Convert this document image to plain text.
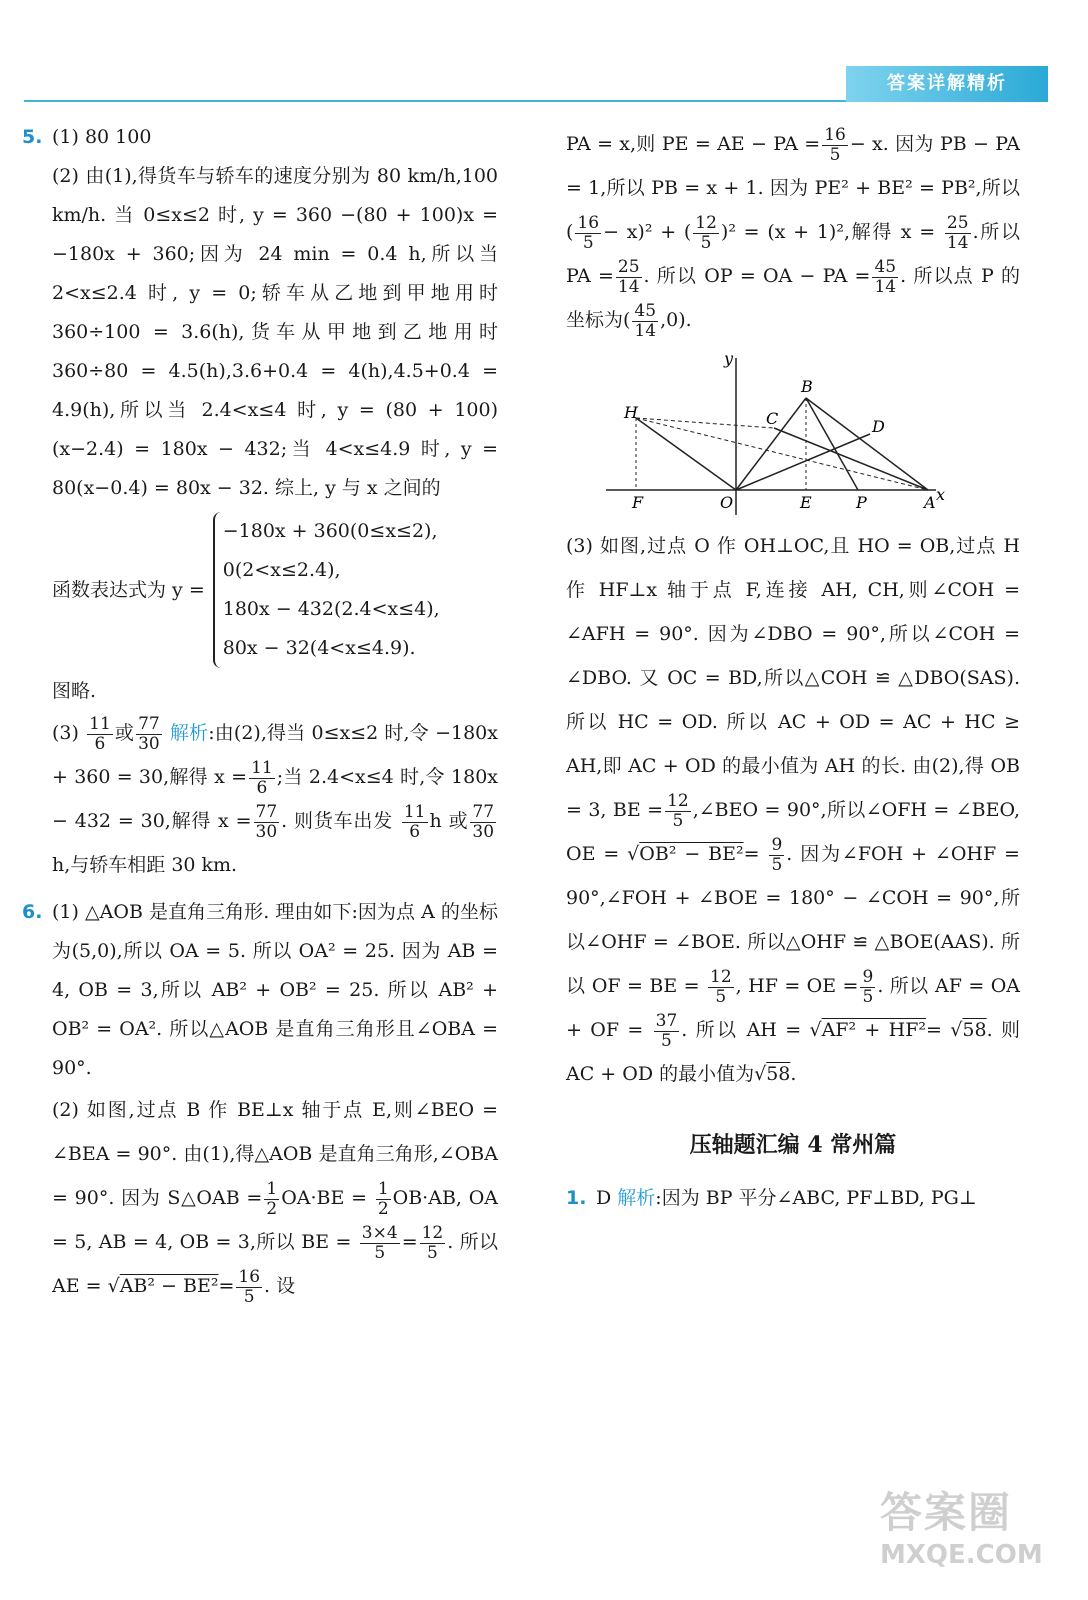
答案详解精析

5. (1) 80 100

(2) 由(1),得货车与轿车的速度分别为 80 km/h,100 km/h. 当 0≤x≤2 时, y = 360 −(80 + 100)x = −180x + 360;因为 24 min = 0.4 h,所以当 2<x≤2.4 时, y = 0;轿车从乙地到甲地用时 360÷100 = 3.6(h),货车从甲地到乙地用时 360÷80 = 4.5(h),3.6+0.4 = 4(h),4.5+0.4 = 4.9(h),所以当 2.4<x≤4 时, y = (80 + 100)(x−2.4) = 180x − 432;当 4<x≤4.9 时, y = 80(x−0.4) = 80x − 32. 综上, y 与 x 之间的

函数表达式为 y =
−180x + 360(0≤x≤2),
0(2<x≤2.4),
180x − 432(2.4<x≤4),
80x − 32(4<x≤4.9).

图略.

$(3) \frac{11}{6}$ 或 $\frac{77}{30}$ 解析:由(2),得当 0≤x≤2 时,令 −180x + 360 = 30,解得 $x = \frac{11}{6}$ ;当 2.4<x≤4 时,令 180x − 432 = 30,解得 $x = \frac{77}{30}$ . 则货车出发 $\frac{11}{6}$ h 或 $\frac{77}{30}$
h,与轿车相距 30 km.

6. (1) △AOB 是直角三角形. 理由如下:因为点 A 的坐标为(5,0),所以 OA = 5. 所以 OA² = 25. 因为 AB = 4, OB = 3,所以 AB² + OB² = 25. 所以 AB² + OB² = OA². 所以△AOB 是直角三角形且∠OBA = 90°.

(2) 如图,过点 B 作 BE⊥x 轴于点 E,则∠BEO = ∠BEA = 90°. 由(1),得△AOB 是直角三角形,∠OBA = 90°. 因为 S△OAB = $\frac{1}{2} OA\cdot BE = \frac{1}{2} OB\cdot AB$, OA = 5, AB = 4, OB = 3,所以 BE = $\frac{3\times 4}{5} = \frac{12}{5}$ . 所以 AE = $√AB^2 - BE^2= \frac{16}{5}$ . 设

PA = x,则 PE = AE − PA = $\frac{16}{5} - x$. 因为 PB − PA = 1,所以 PB = x + 1. 因为 PE² + BE² = PB²,所以 ( $\frac{16}{5} - x)^2$ + ( $\frac{12}{5} )^2 = (x + 1)^2$,解得 $x = \frac{25}{14}$ .所以 PA = $\frac{25}{14}$ . 所以 OP = OA − PA = $\frac{45}{14}$ . 所以点 P 的坐标为( $\frac{45}{14} ,0$).

y
B
H	C	D
F	O	E	P	A x

(3) 如图,过点 O 作 OH⊥OC,且 HO = OB,过点 H 作 HF⊥x 轴于点 F,连接 AH, CH,则∠COH = ∠AFH = 90°. 因为∠DBO = 90°,所以∠COH = ∠DBO. 又 OC = BD,所以△COH ≌ △DBO(SAS). 所以 HC = OD. 所以 AC + OD = AC + HC ≥ AH,即 AC + OD 的最小值为 AH 的长. 由(2),得 OB = 3, BE = $\frac{12}{5}$ ,∠BEO = 90°,所以∠OFH = ∠BEO, OE = $√OB^2 - BE^2= \frac{9}{5}$ . 因为∠FOH + ∠OHF = 90°,∠FOH + ∠BOE = 180° − ∠COH = 90°,所以∠OHF = ∠BOE. 所以△OHF ≌ △BOE(AAS). 所以 OF = BE = $\frac{12}{5}$ , HF = OE = $\frac{9}{5}$ . 所以 AF = OA + OF = $\frac{37}{5}$ . 所以 AH = √AF² + HF²= √58. 则 AC + OD 的最小值为√58.

压轴题汇编 4 常州篇

1. D 解析:因为 BP 平分∠ABC, PF⊥BD, PG⊥

答案圈
MXQE.COM
